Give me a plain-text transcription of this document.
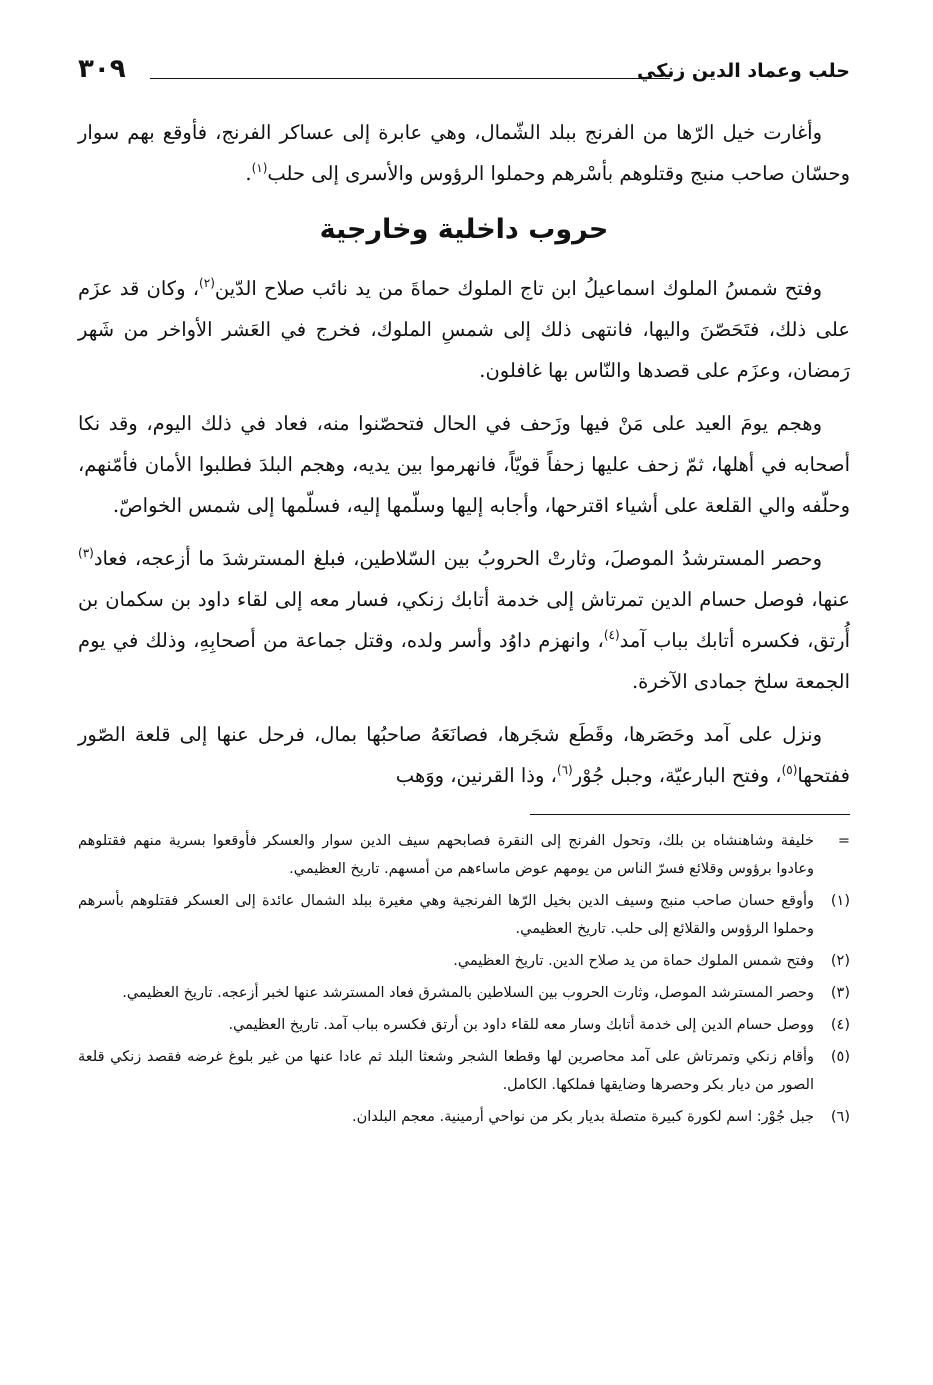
حلب وعماد الدين زنكي
٣٠٩

وأغارت خيل الرّها من الفرنج ببلد الشّمال، وهي عابرة إلى عساكر الفرنج، فأوقع بهم سوار وحسّان صاحب منبج وقتلوهم بأسْرهم وحملوا الرؤوس والأسرى إلى حلب$^{(١)}$.

حروب داخلية وخارجية

وفتح شمسُ الملوك اسماعيلُ ابن تاج الملوك حماةَ من يد نائب صلاح الدّين$^{(٢)}$، وكان قد عزَم على ذلك، فتَحَصّنَ واليها، فانتهى ذلك إلى شمسِ الملوك، فخرج في العَشر الأواخر من شَهر رَمضان، وعزَم على قصدها والنّاس بها غافلون.

وهجم يومَ العيد على مَنْ فيها وزَحف في الحال فتحصّنوا منه، فعاد في ذلك اليوم، وقد نكا أصحابه في أهلها، ثمّ زحف عليها زحفاً قويّاً، فانهرموا بين يديه، وهجم البلدَ فطلبوا الأمان فأمّنهم، وحلّفه والي القلعة على أشياء اقترحها، وأجابه إليها وسلّمها إليه، فسلّمها إلى شمس الخواصّ.

وحصر المسترشدُ الموصلَ، وثارتْ الحروبُ بين السّلاطين، فبلغ المسترشدَ ما أزعجه، فعاد$^{(٣)}$ عنها، فوصل حسام الدين تمرتاش إلى خدمة أتابك زنكي، فسار معه إلى لقاء داود بن سكمان بن أُرتق، فكسره أتابك بباب آمد$^{(٤)}$، وانهزم داوُد وأسر ولده، وقتل جماعة من أصحابِهِ، وذلك في يوم الجمعة سلخ جمادى الآخرة.

ونزل على آمد وحَصَرها، وقَطَع شجَرها، فصانَعَهُ صاحبُها بمال، فرحل عنها إلى قلعة الصّور ففتحها$^{(٥)}$، وفتح البارعيّة، وجبل جُوْر$^{(٦)}$، وذا القرنين، ووَهب

=
خليفة وشاهنشاه بن بلك، وتحول الفرنج إلى النقرة فصابحهم سيف الدين سوار والعسكر فأوقعوا بسرية منهم فقتلوهم وعادوا برؤوس وقلائع فسرّ الناس من يومهم عوض ماساءهم من أمسهم. تاريخ العظيمي.
(١)
وأوقع حسان صاحب منبج وسيف الدين بخيل الرّها الفرنجية وهي مغيرة ببلد الشمال عائدة إلى العسكر فقتلوهم بأسرهم وحملوا الرؤوس والقلائع إلى حلب. تاريخ العظيمي.
(٢)
وفتح شمس الملوك حماة من يد صلاح الدين. تاريخ العظيمي.
(٣)
وحصر المسترشد الموصل، وثارت الحروب بين السلاطين بالمشرق فعاد المسترشد عنها لخبر أزعجه. تاريخ العظيمي.
(٤)
ووصل حسام الدين إلى خدمة أتابك وسار معه للقاء داود بن أرتق فكسره بباب آمد. تاريخ العظيمي.
(٥)
وأقام زنكي وتمرتاش على آمد محاصرين لها وقطعا الشجر وشعثا البلد ثم عادا عنها من غير بلوغ غرضه فقصد زنكي قلعة الصور من ديار بكر وحصرها وضايقها فملكها. الكامل.
(٦)
جبل جُوْر: اسم لكورة كبيرة متصلة بديار بكر من نواحي أرمينية. معجم البلدان.
